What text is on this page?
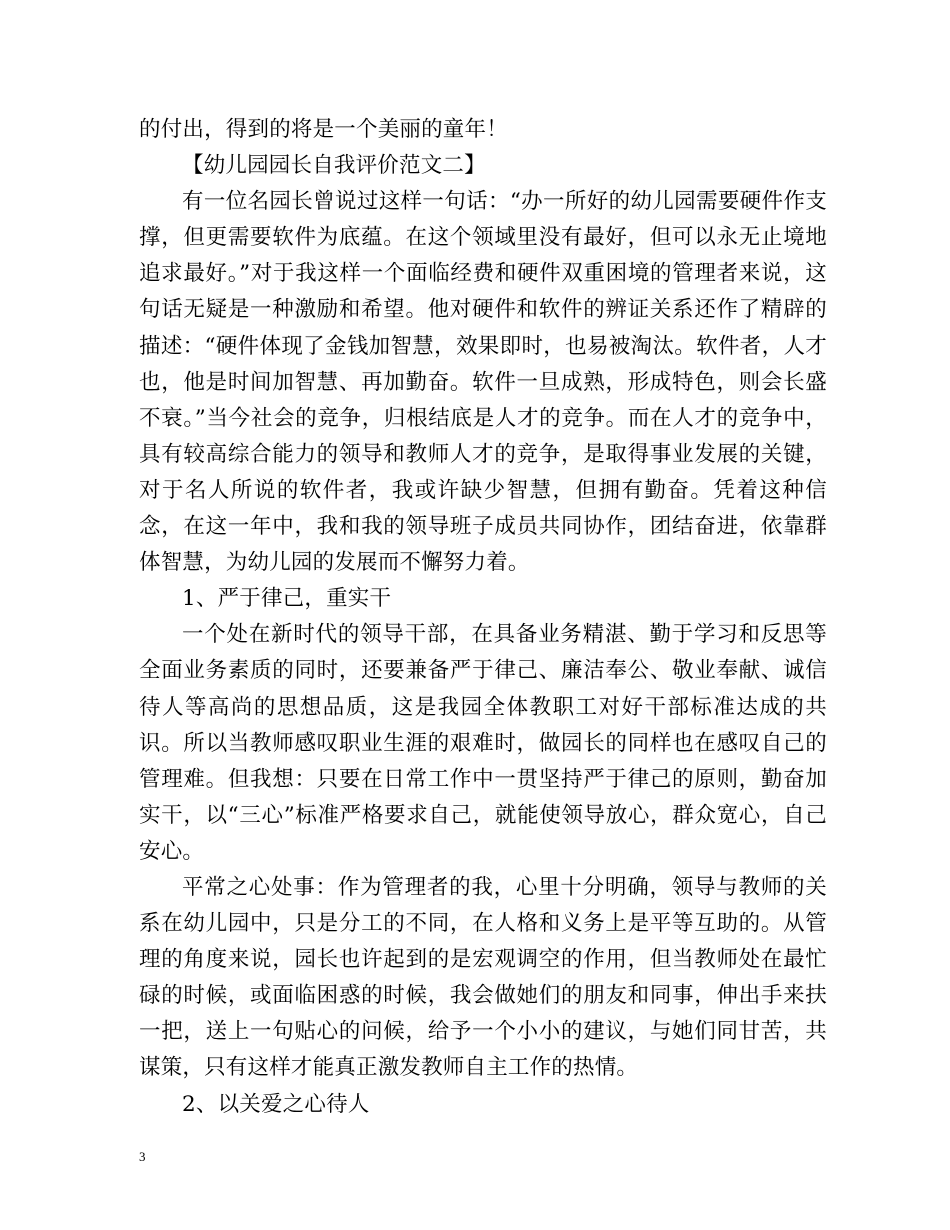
的付出，得到的将是一个美丽的童年！

【幼儿园园长自我评价范文二】

有一位名园长曾说过这样一句话：“办一所好的幼儿园需要硬件作支撑，但更需要软件为底蕴。在这个领域里没有最好，但可以永无止境地追求最好。”对于我这样一个面临经费和硬件双重困境的管理者来说，这句话无疑是一种激励和希望。他对硬件和软件的辨证关系还作了精辟的描述：“硬件体现了金钱加智慧，效果即时，也易被淘汰。软件者，人才也，他是时间加智慧、再加勤奋。软件一旦成熟，形成特色，则会长盛不衰。”当今社会的竞争，归根结底是人才的竞争。而在人才的竞争中，具有较高综合能力的领导和教师人才的竞争，是取得事业发展的关键，对于名人所说的软件者，我或许缺少智慧，但拥有勤奋。凭着这种信念，在这一年中，我和我的领导班子成员共同协作，团结奋进，依靠群体智慧，为幼儿园的发展而不懈努力着。

1、严于律己，重实干

一个处在新时代的领导干部，在具备业务精湛、勤于学习和反思等全面业务素质的同时，还要兼备严于律己、廉洁奉公、敬业奉献、诚信待人等高尚的思想品质，这是我园全体教职工对好干部标准达成的共识。所以当教师感叹职业生涯的艰难时，做园长的同样也在感叹自己的管理难。但我想：只要在日常工作中一贯坚持严于律己的原则，勤奋加实干，以“三心”标准严格要求自己，就能使领导放心，群众宽心，自己安心。

平常之心处事：作为管理者的我，心里十分明确，领导与教师的关系在幼儿园中，只是分工的不同，在人格和义务上是平等互助的。从管理的角度来说，园长也许起到的是宏观调空的作用，但当教师处在最忙碌的时候，或面临困惑的时候，我会做她们的朋友和同事，伸出手来扶一把，送上一句贴心的问候，给予一个小小的建议，与她们同甘苦，共谋策，只有这样才能真正激发教师自主工作的热情。

2、以关爱之心待人

3
